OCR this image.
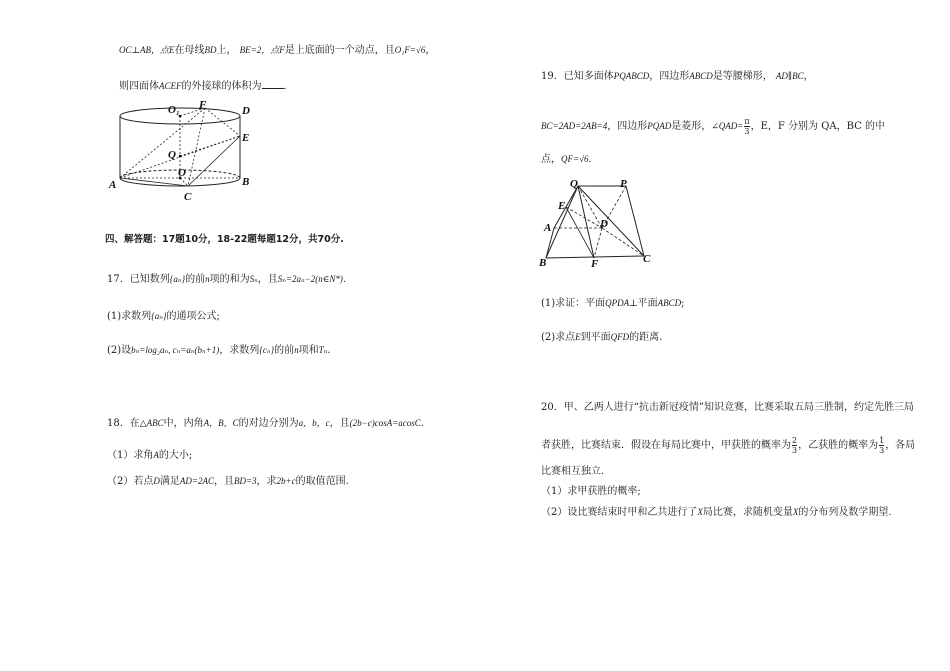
OC⊥AB，点E在母线BD上， BE=2，点F是上底面的一个动点，且O₁F=√6，
则四面体ACEF的外接球的体积为 .
O₁ F	D
E
Q
O
A	B
C
四、解答题：17题10分，18-22题每题12分，共70分.
17．已知数列{aₙ}的前n项的和为Sₙ，且Sₙ=2aₙ−2(n∈N*).
(1)求数列{aₙ}的通项公式;
(2)设bₙ=log₂aₙ, cₙ=aₙ(bₙ+1)，求数列{cₙ}的前n项和Tₙ.
18．在△ABC中，内角A，B，C的对边分别为a，b，c，且(2b−c)cosA=acosC.
（1）求角A的大小;
（2）若点D满足AD=2AC，且BD=3，求2b+c的取值范围.
19．已知多面体PQABCD，四边形ABCD是等腰梯形， AD∥BC，
BC=2AD=2AB=4，四边形PQAD是菱形，∠QAD= $\frac{\pi}{3}$ ，E，F 分别为 QA，BC 的中
点，QF=√6.
Q	P
E
A	D
B	F	C
(1)求证：平面QPDA⊥平面ABCD;
(2)求点E到平面QFD的距离.
20．甲、乙两人进行“抗击新冠疫情”知识竞赛，比赛采取五局三胜制，约定先胜三局
者获胜，比赛结束．假设在每局比赛中，甲获胜的概率为 $\frac{2}{3}$ ，乙获胜的概率为 $\frac{1}{3}$ ，各局
比赛相互独立.
（1）求甲获胜的概率;
（2）设比赛结束时甲和乙共进行了X局比赛，求随机变量X的分布列及数学期望.
